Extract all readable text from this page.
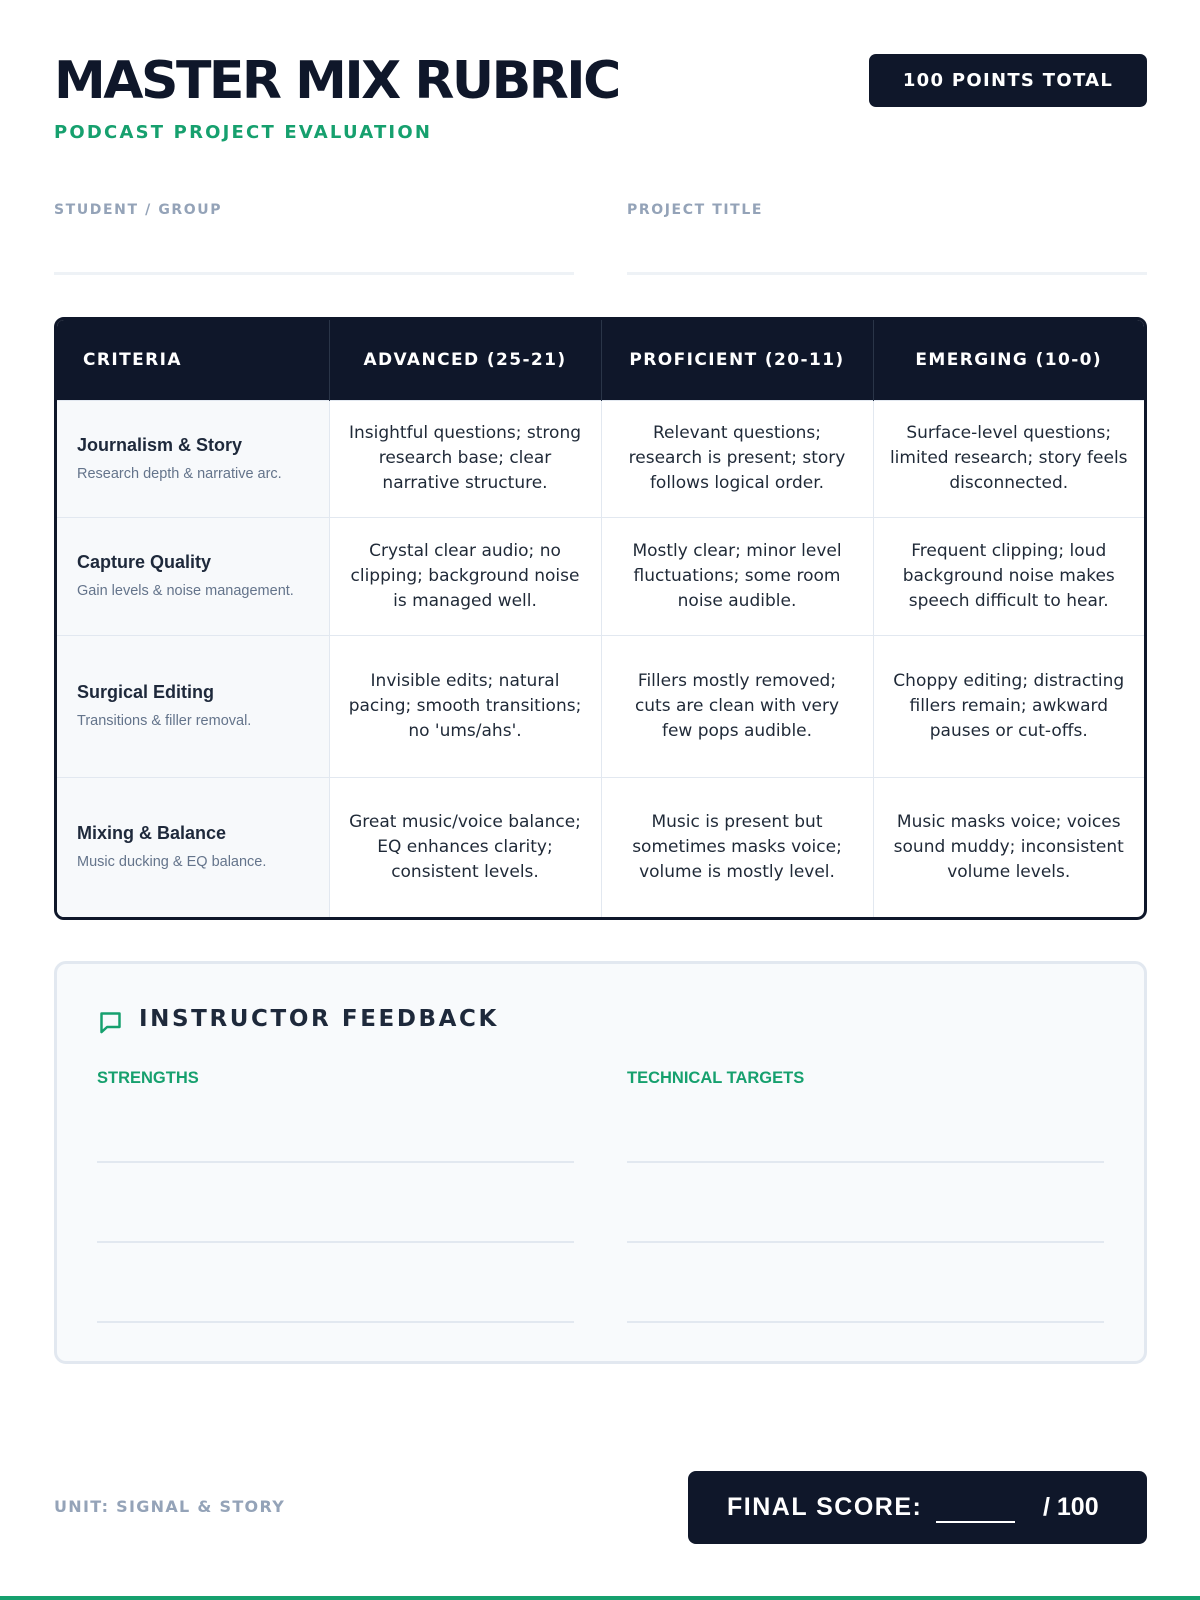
MASTER MIX RUBRIC
PODCAST PROJECT EVALUATION
100 POINTS TOTAL
STUDENT / GROUP	PROJECT TITLE
CRITERIA	ADVANCED (25-21)	PROFICIENT (20-11)	EMERGING (10-0)

Journalism & Story
Research depth & narrative arc.	Insightful questions; strong research base; clear narrative structure.	Relevant questions; research is present; story follows logical order.	Surface-level questions; limited research; story feels disconnected.

Capture Quality
Gain levels & noise management.	Crystal clear audio; no clipping; background noise is managed well.	Mostly clear; minor level fluctuations; some room noise audible.	Frequent clipping; loud background noise makes speech difficult to hear.

Surgical Editing
Transitions & filler removal.	Invisible edits; natural pacing; smooth transitions; no 'ums/ahs'.	Fillers mostly removed; cuts are clean with very few pops audible.	Choppy editing; distracting fillers remain; awkward pauses or cut-offs.

Mixing & Balance
Music ducking & EQ balance.	Great music/voice balance; EQ enhances clarity; consistent levels.	Music is present but sometimes masks voice; volume is mostly level.	Music masks voice; voices sound muddy; inconsistent volume levels.
INSTRUCTOR FEEDBACK
STRENGTHS	TECHNICAL TARGETS
UNIT: SIGNAL & STORY	FINAL SCORE:	/ 100
